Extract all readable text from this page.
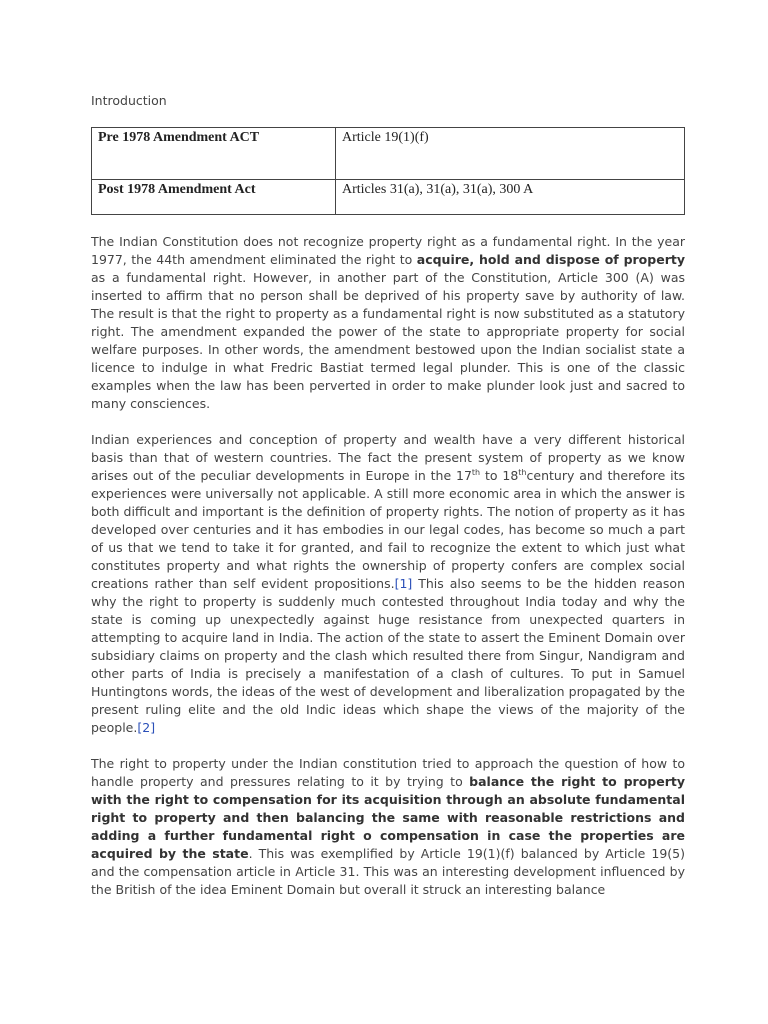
Introduction
Pre 1978 Amendment ACT	Article 19(1)(f)
Post 1978 Amendment Act	Articles 31(a), 31(a), 31(a), 300 A

The Indian Constitution does not recognize property right as a fundamental right. In the year 1977, the 44th amendment eliminated the right to acquire, hold and dispose of property as a fundamental right. However, in another part of the Constitution, Article 300 (A) was inserted to affirm that no person shall be deprived of his property save by authority of law. The result is that the right to property as a fundamental right is now substituted as a statutory right. The amendment expanded the power of the state to appropriate property for social welfare purposes. In other words, the amendment bestowed upon the Indian socialist state a licence to indulge in what Fredric Bastiat termed legal plunder. This is one of the classic examples when the law has been perverted in order to make plunder look just and sacred to many consciences.

Indian experiences and conception of property and wealth have a very different historical basis than that of western countries. The fact the present system of property as we know arises out of the peculiar developments in Europe in the 17th to 18thcentury and therefore its experiences were universally not applicable. A still more economic area in which the answer is both difficult and important is the definition of property rights. The notion of property as it has developed over centuries and it has embodies in our legal codes, has become so much a part of us that we tend to take it for granted, and fail to recognize the extent to which just what constitutes property and what rights the ownership of property confers are complex social creations rather than self evident propositions.[1] This also seems to be the hidden reason why the right to property is suddenly much contested throughout India today and why the state is coming up unexpectedly against huge resistance from unexpected quarters in attempting to acquire land in India. The action of the state to assert the Eminent Domain over subsidiary claims on property and the clash which resulted there from Singur, Nandigram and other parts of India is precisely a manifestation of a clash of cultures. To put in Samuel Huntingtons words, the ideas of the west of development and liberalization propagated by the present ruling elite and the old Indic ideas which shape the views of the majority of the people.[2]

The right to property under the Indian constitution tried to approach the question of how to handle property and pressures relating to it by trying to balance the right to property with the right to compensation for its acquisition through an absolute fundamental right to property and then balancing the same with reasonable restrictions and adding a further fundamental right o compensation in case the properties are acquired by the state. This was exemplified by Article 19(1)(f) balanced by Article 19(5) and the compensation article in Article 31. This was an interesting development influenced by the British of the idea Eminent Domain but overall it struck an interesting balance
